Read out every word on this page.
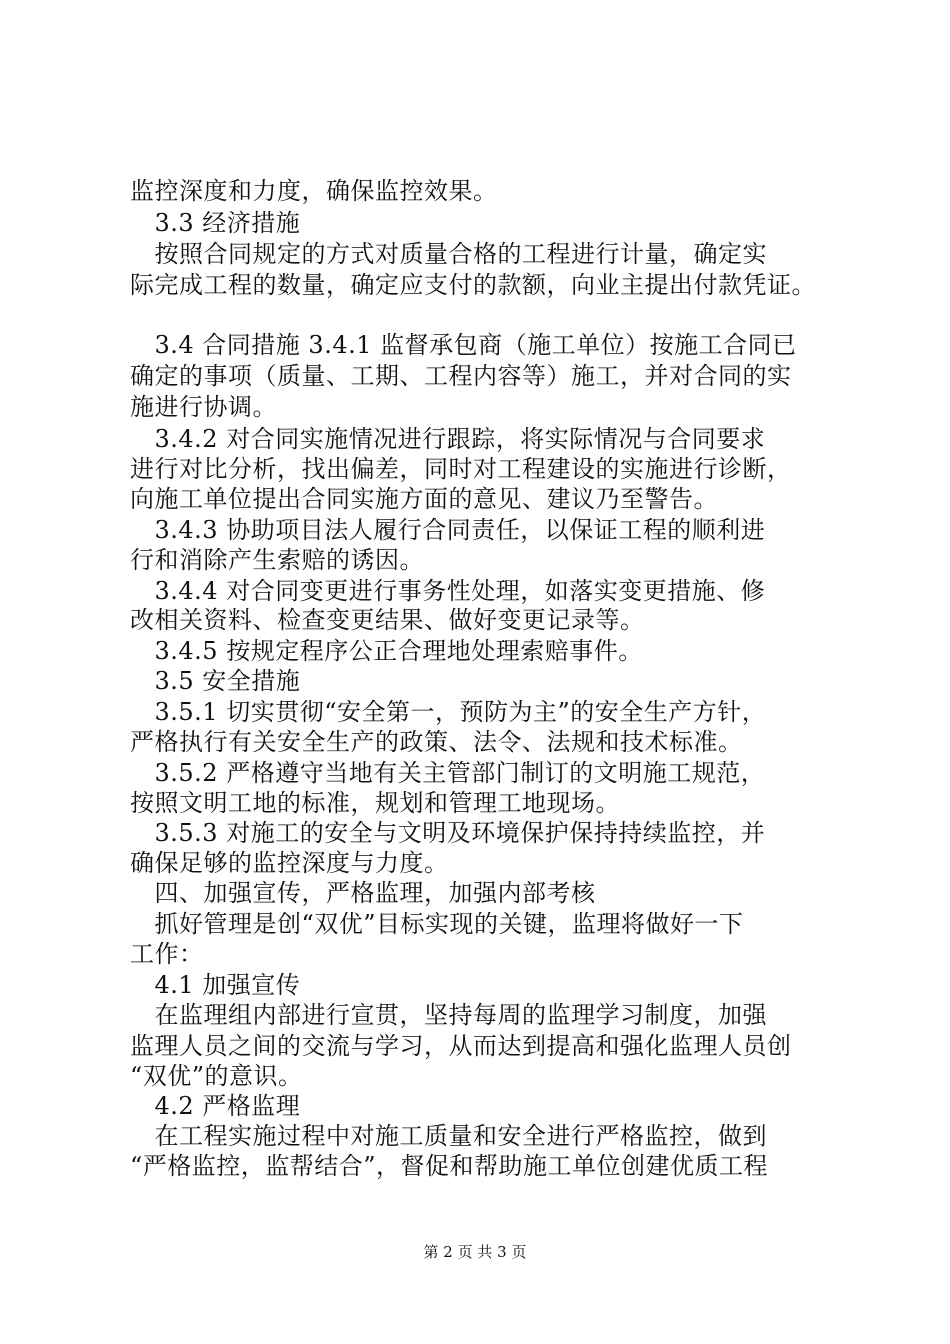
监控深度和力度，确保监控效果。
　3.3 经济措施
　按照合同规定的方式对质量合格的工程进行计量，确定实
际完成工程的数量，确定应支付的款额，向业主提出付款凭证。
　3.4 合同措施 3.4.1 监督承包商（施工单位）按施工合同已
确定的事项（质量、工期、工程内容等）施工，并对合同的实
施进行协调。
　3.4.2 对合同实施情况进行跟踪，将实际情况与合同要求
进行对比分析，找出偏差，同时对工程建设的实施进行诊断，
向施工单位提出合同实施方面的意见、建议乃至警告。
　3.4.3 协助项目法人履行合同责任，以保证工程的顺利进
行和消除产生索赔的诱因。
　3.4.4 对合同变更进行事务性处理，如落实变更措施、修
改相关资料、检查变更结果、做好变更记录等。
　3.4.5 按规定程序公正合理地处理索赔事件。
　3.5 安全措施
　3.5.1 切实贯彻“安全第一，预防为主”的安全生产方针，
严格执行有关安全生产的政策、法令、法规和技术标准。
　3.5.2 严格遵守当地有关主管部门制订的文明施工规范，
按照文明工地的标准，规划和管理工地现场。
　3.5.3 对施工的安全与文明及环境保护保持持续监控，并
确保足够的监控深度与力度。
　四、加强宣传，严格监理，加强内部考核
　抓好管理是创“双优”目标实现的关键，监理将做好一下
工作：
　4.1 加强宣传
　在监理组内部进行宣贯，坚持每周的监理学习制度，加强
监理人员之间的交流与学习，从而达到提高和强化监理人员创
“双优”的意识。
　4.2 严格监理
　在工程实施过程中对施工质量和安全进行严格监控，做到
“严格监控，监帮结合”，督促和帮助施工单位创建优质工程
第 2 页 共 3 页
